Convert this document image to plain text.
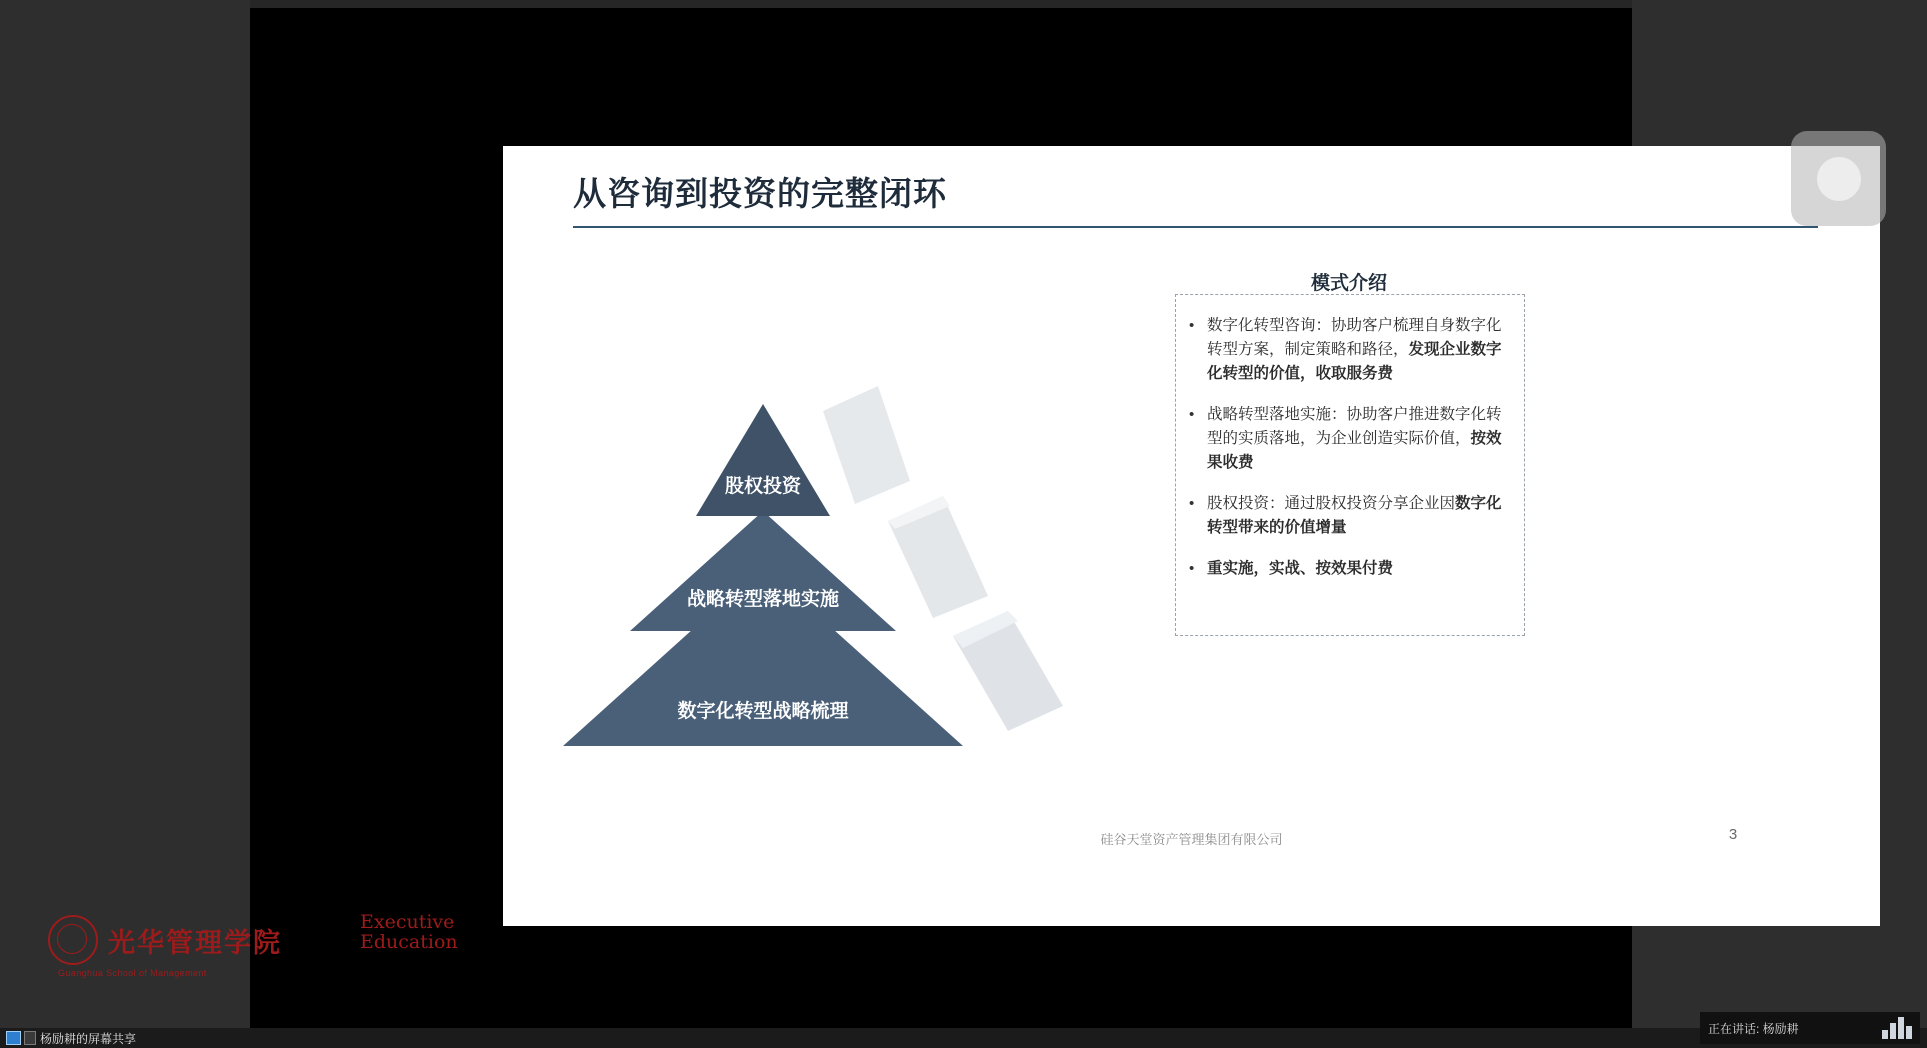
从咨询到投资的完整闭环
股权投资
战略转型落地实施
数字化转型战略梳理
模式介绍
• 数字化转型咨询：协助客户梳理自身数字化转型方案，制定策略和路径，发现企业数字化转型的价值，收取服务费
• 战略转型落地实施：协助客户推进数字化转型的实质落地，为企业创造实际价值，按效果收费
• 股权投资：通过股权投资分享企业因数字化转型带来的价值增量
• 重实施，实战、按效果付费
硅谷天堂资产管理集团有限公司	3
光华管理学院
Guanghua School of Management
Executive
Education
杨励耕的屏幕共享
正在讲话: 杨励耕
